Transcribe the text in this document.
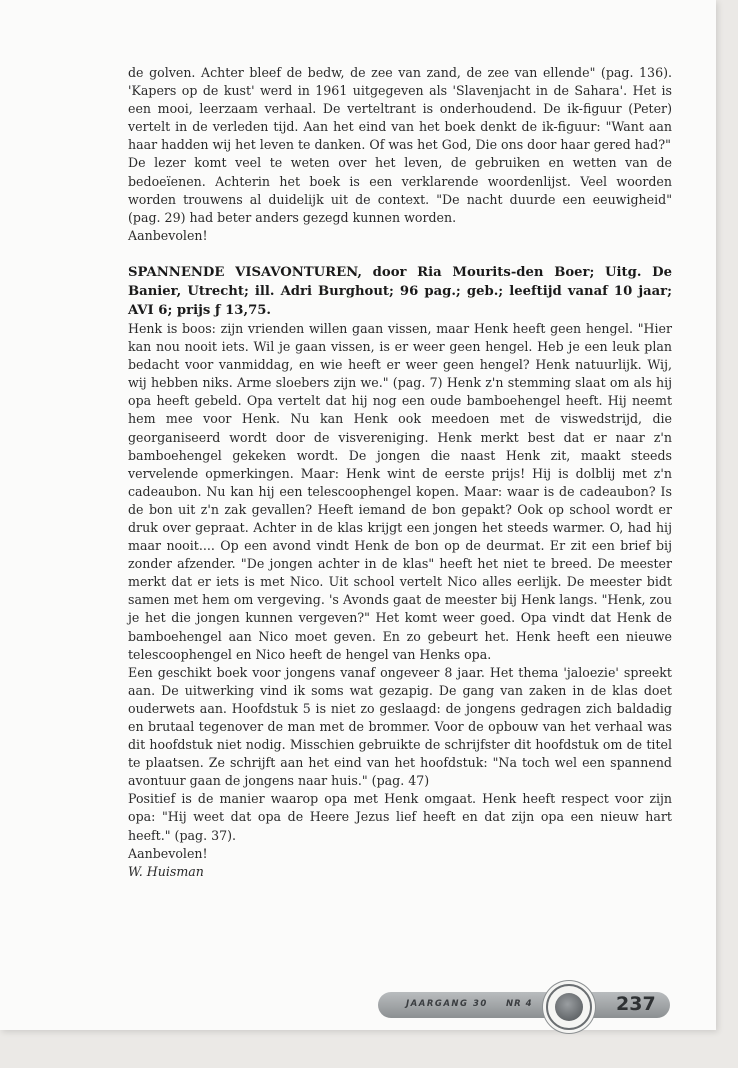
de golven. Achter bleef de bedw, de zee van zand, de zee van ellende" (pag. 136). 'Kapers op de kust' werd in 1961 uitgegeven als 'Slavenjacht in de Sahara'. Het is een mooi, leerzaam verhaal. De verteltrant is onderhoudend. De ik-figuur (Peter) vertelt in de verleden tijd. Aan het eind van het boek denkt de ik-figuur: "Want aan haar hadden wij het leven te danken. Of was het God, Die ons door haar gered had?"

De lezer komt veel te weten over het leven, de gebruiken en wetten van de bedoeïenen. Achterin het boek is een verklarende woordenlijst. Veel woorden worden trouwens al duidelijk uit de context. "De nacht duurde een eeuwigheid" (pag. 29) had beter anders gezegd kunnen worden.

Aanbevolen!

SPANNENDE VISAVONTUREN, door Ria Mourits-den Boer; Uitg. De Banier, Utrecht; ill. Adri Burghout; 96 pag.; geb.; leeftijd vanaf 10 jaar; AVI 6; prijs ƒ 13,75.

Henk is boos: zijn vrienden willen gaan vissen, maar Henk heeft geen hengel. "Hier kan nou nooit iets. Wil je gaan vissen, is er weer geen hengel. Heb je een leuk plan bedacht voor vanmiddag, en wie heeft er weer geen hengel? Henk natuurlijk. Wij, wij hebben niks. Arme sloebers zijn we." (pag. 7) Henk z'n stemming slaat om als hij opa heeft gebeld. Opa vertelt dat hij nog een oude bamboehengel heeft. Hij neemt hem mee voor Henk. Nu kan Henk ook meedoen met de viswedstrijd, die georganiseerd wordt door de visvereniging. Henk merkt best dat er naar z'n bamboehengel gekeken wordt. De jongen die naast Henk zit, maakt steeds vervelende opmerkingen. Maar: Henk wint de eerste prijs! Hij is dolblij met z'n cadeaubon. Nu kan hij een telescoophengel kopen. Maar: waar is de cadeaubon? Is de bon uit z'n zak gevallen? Heeft iemand de bon gepakt? Ook op school wordt er druk over gepraat. Achter in de klas krijgt een jongen het steeds warmer. O, had hij maar nooit.... Op een avond vindt Henk de bon op de deurmat. Er zit een brief bij zonder afzender. "De jongen achter in de klas" heeft het niet te breed. De meester merkt dat er iets is met Nico. Uit school vertelt Nico alles eerlijk. De meester bidt samen met hem om vergeving. 's Avonds gaat de meester bij Henk langs. "Henk, zou je het die jongen kunnen vergeven?" Het komt weer goed. Opa vindt dat Henk de bamboehengel aan Nico moet geven. En zo gebeurt het. Henk heeft een nieuwe telescoophengel en Nico heeft de hengel van Henks opa.

Een geschikt boek voor jongens vanaf ongeveer 8 jaar. Het thema 'jaloezie' spreekt aan. De uitwerking vind ik soms wat gezapig. De gang van zaken in de klas doet ouderwets aan. Hoofdstuk 5 is niet zo geslaagd: de jongens gedragen zich baldadig en brutaal tegenover de man met de brommer. Voor de opbouw van het verhaal was dit hoofdstuk niet nodig. Misschien gebruikte de schrijfster dit hoofdstuk om de titel te plaatsen. Ze schrijft aan het eind van het hoofdstuk: "Na toch wel een spannend avontuur gaan de jongens naar huis." (pag. 47)

Positief is de manier waarop opa met Henk omgaat. Henk heeft respect voor zijn opa: "Hij weet dat opa de Heere Jezus lief heeft en dat zijn opa een nieuw hart heeft." (pag. 37).

Aanbevolen!

W. Huisman

JAARGANG 30 NR 4	237
